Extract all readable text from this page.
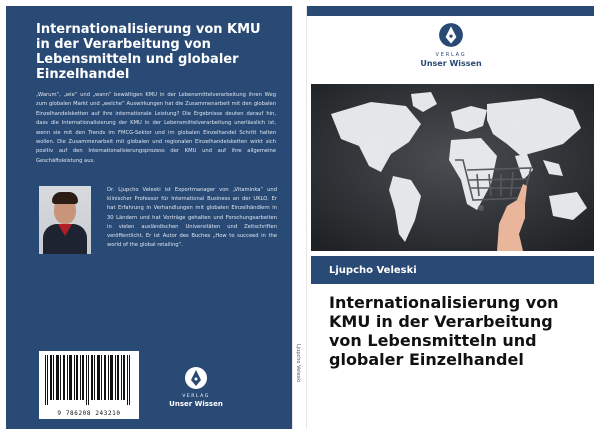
Internationalisierung von KMU in der Verarbeitung von Lebensmitteln und globaler Einzelhandel
„Warum“, „wie“ und „wann“ bewältigen KMU in der Lebensmittelverarbeitung ihren Weg zum globalen Markt und „welche“ Auswirkungen hat die Zusammenarbeit mit den globalen Einzelhandelsketten auf ihre internationale Leistung? Die Ergebnisse deuten darauf hin, dass die Internationalisierung der KMU in der Lebensmittelverarbeitung unerlässlich ist, wenn sie mit den Trends im FMCG-Sektor und im globalen Einzelhandel Schritt halten wollen. Die Zusammenarbeit mit globalen und regionalen Einzelhandelsketten wirkt sich positiv auf den Internationalisierungsprozess der KMU und auf ihre allgemeine Geschäftsleistung aus.
Dr. Ljupcho Veleski ist Exportmanager von „Vitaminka“ und klinischer Professor für International Business an der UKLO. Er hat Erfahrung in Verhandlungen mit globalen Einzelhändlern in 30 Ländern und hat Vorträge gehalten und Forschungsarbeiten in vielen ausländischen Universitäten und Zeitschriften veröffentlicht. Er ist Autor des Buches „How to succeed in the world of the global retailing“.
9 786208 243210
VERLAG
Unser Wissen
Ljupcho Veleski
VERLAG
Unser Wissen
Ljupcho Veleski
Internationalisierung von KMU in der Verarbeitung von Lebensmitteln und globaler Einzelhandel
